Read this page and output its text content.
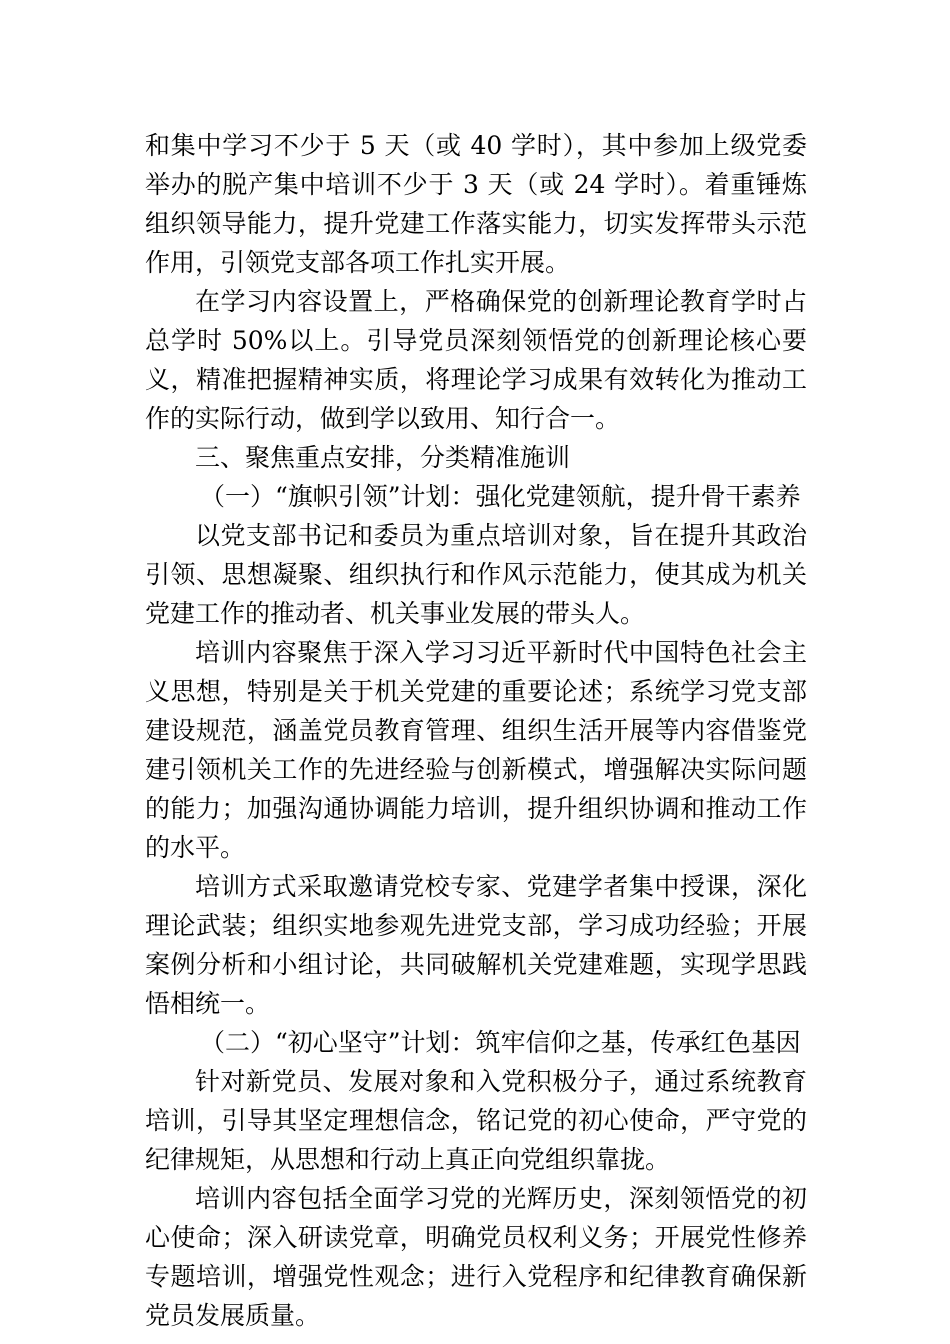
和集中学习不少于 5 天（或 40 学时），其中参加上级党委举办的脱产集中培训不少于 3 天（或 24 学时）。着重锤炼组织领导能力，提升党建工作落实能力，切实发挥带头示范作用，引领党支部各项工作扎实开展。

在学习内容设置上，严格确保党的创新理论教育学时占总学时 50%以上。引导党员深刻领悟党的创新理论核心要义，精准把握精神实质，将理论学习成果有效转化为推动工作的实际行动，做到学以致用、知行合一。

三、聚焦重点安排，分类精准施训

（一）“旗帜引领”计划：强化党建领航，提升骨干素养

以党支部书记和委员为重点培训对象，旨在提升其政治引领、思想凝聚、组织执行和作风示范能力，使其成为机关党建工作的推动者、机关事业发展的带头人。

培训内容聚焦于深入学习习近平新时代中国特色社会主义思想，特别是关于机关党建的重要论述；系统学习党支部建设规范，涵盖党员教育管理、组织生活开展等内容借鉴党建引领机关工作的先进经验与创新模式，增强解决实际问题的能力；加强沟通协调能力培训，提升组织协调和推动工作的水平。

培训方式采取邀请党校专家、党建学者集中授课，深化理论武装；组织实地参观先进党支部，学习成功经验；开展案例分析和小组讨论，共同破解机关党建难题，实现学思践悟相统一。

（二）“初心坚守”计划：筑牢信仰之基，传承红色基因

针对新党员、发展对象和入党积极分子，通过系统教育培训，引导其坚定理想信念，铭记党的初心使命，严守党的纪律规矩，从思想和行动上真正向党组织靠拢。

培训内容包括全面学习党的光辉历史，深刻领悟党的初心使命；深入研读党章，明确党员权利义务；开展党性修养专题培训，增强党性观念；进行入党程序和纪律教育确保新党员发展质量。
